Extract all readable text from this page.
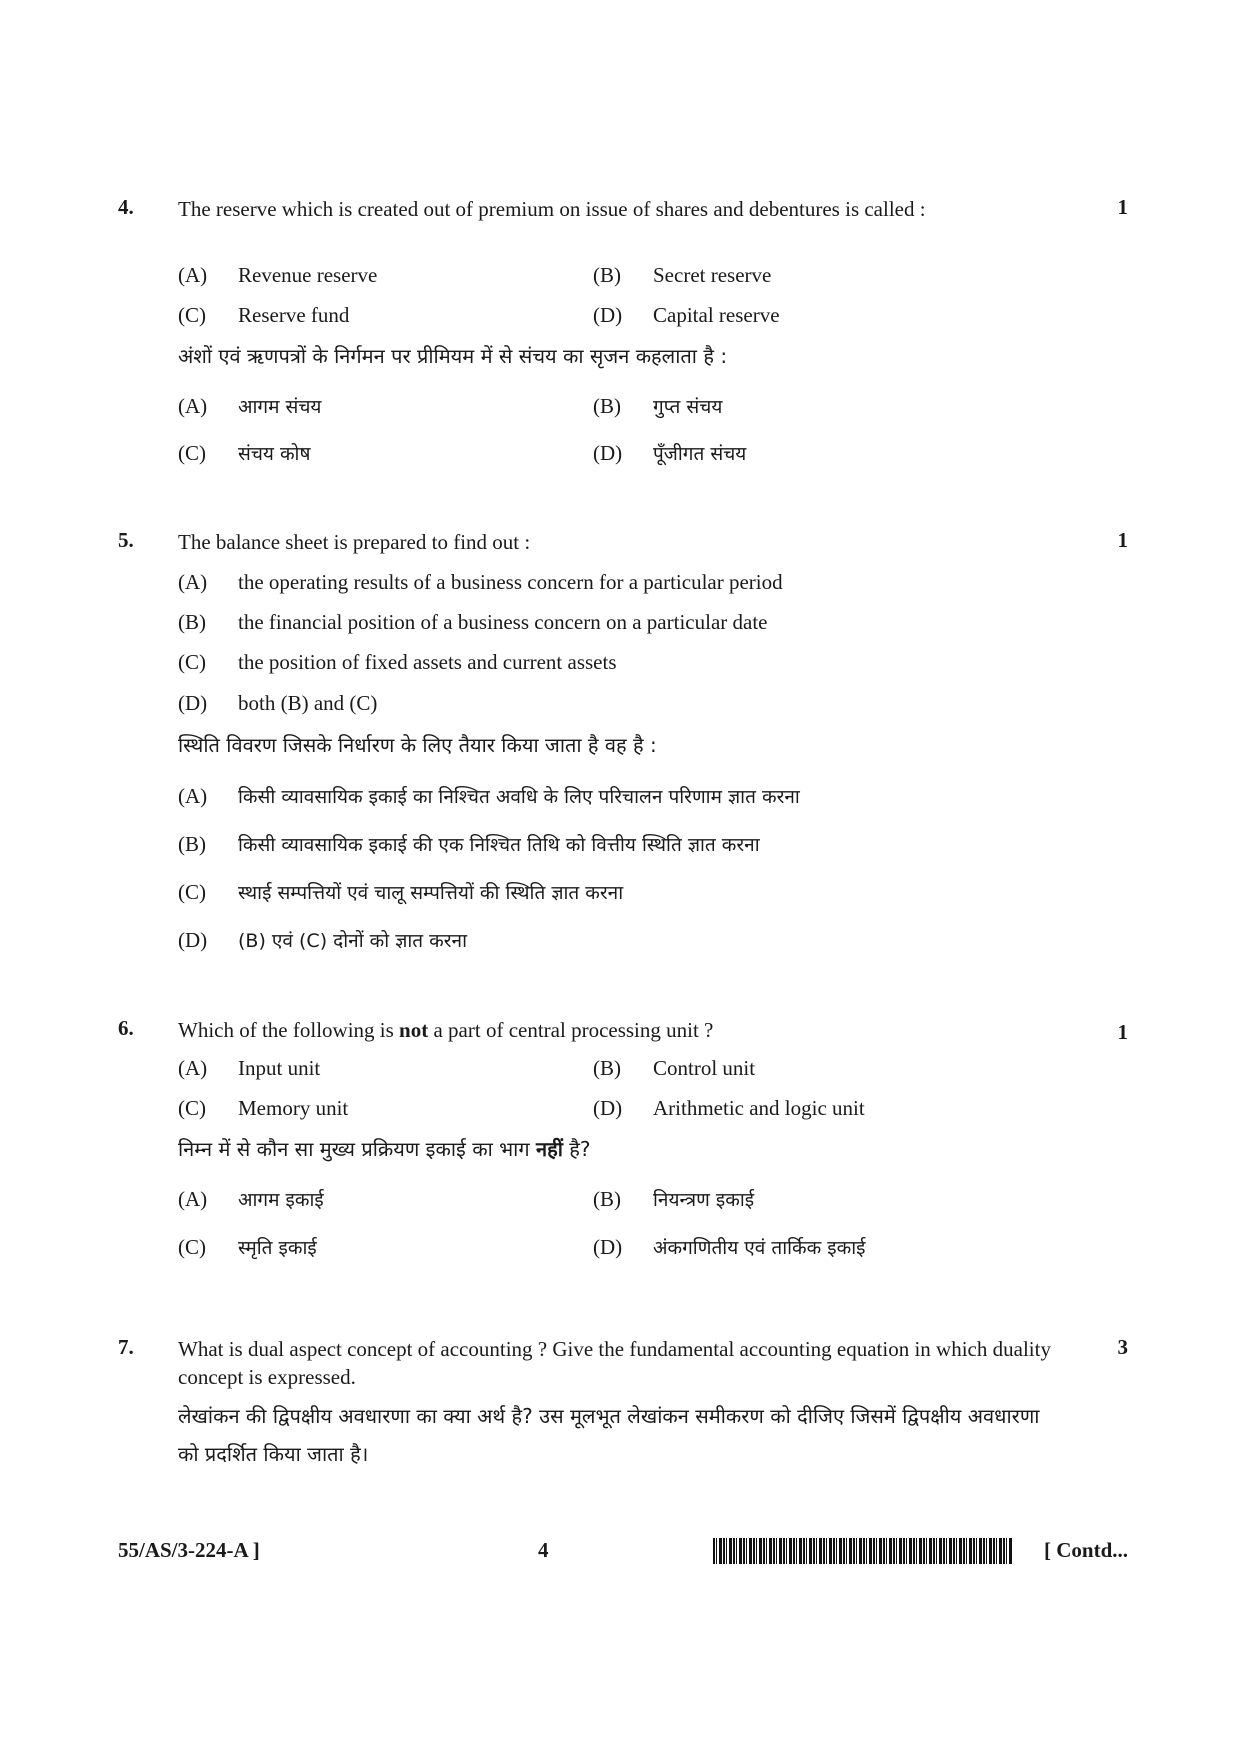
4. The reserve which is created out of premium on issue of shares and debentures is called :	1
(A) Revenue reserve	(B) Secret reserve
(C) Reserve fund	(D) Capital reserve
अंशों एवं ऋणपत्रों के निर्गमन पर प्रीमियम में से संचय का सृजन कहलाता है :
(A) आगम संचय	(B) गुप्त संचय
(C) संचय कोष	(D) पूँजीगत संचय
5. The balance sheet is prepared to find out :	1
(A) the operating results of a business concern for a particular period
(B) the financial position of a business concern on a particular date
(C) the position of fixed assets and current assets
(D) both (B) and (C)
स्थिति विवरण जिसके निर्धारण के लिए तैयार किया जाता है वह है :
(A) किसी व्यावसायिक इकाई का निश्चित अवधि के लिए परिचालन परिणाम ज्ञात करना
(B) किसी व्यावसायिक इकाई की एक निश्चित तिथि को वित्तीय स्थिति ज्ञात करना
(C) स्थाई सम्पत्तियों एवं चालू सम्पत्तियों की स्थिति ज्ञात करना
(D) (B) एवं (C) दोनों को ज्ञात करना
6. Which of the following is not a part of central processing unit ?	1
(A) Input unit	(B) Control unit
(C) Memory unit	(D) Arithmetic and logic unit
निम्न में से कौन सा मुख्य प्रक्रियण इकाई का भाग नहीं है?
(A) आगम इकाई	(B) नियन्त्रण इकाई
(C) स्मृति इकाई	(D) अंकगणितीय एवं तार्किक इकाई
7. What is dual aspect concept of accounting ? Give the fundamental accounting equation in which duality concept is expressed.
3
लेखांकन की द्विपक्षीय अवधारणा का क्या अर्थ है? उस मूलभूत लेखांकन समीकरण को दीजिए जिसमें द्विपक्षीय अवधारणा को प्रदर्शित किया जाता है।
55/AS/3-224-A ]	4	[ Contd...
